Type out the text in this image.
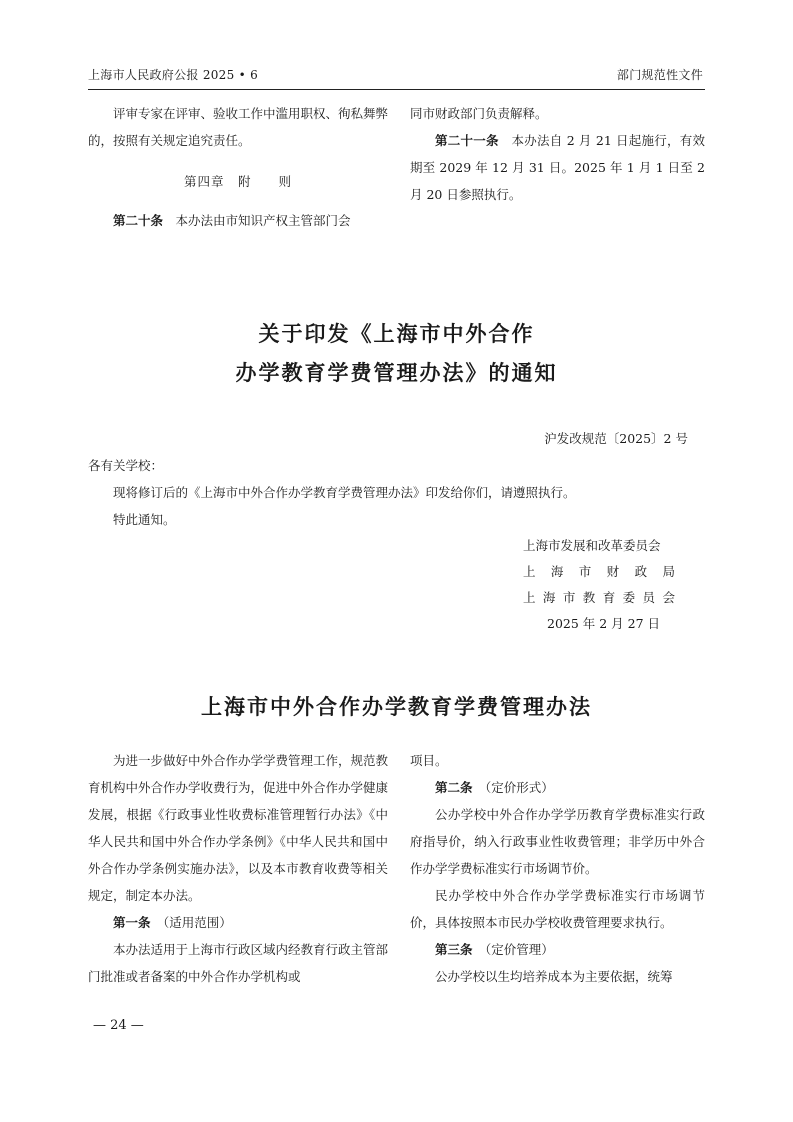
上海市人民政府公报 2025 • 6	部门规范性文件

评审专家在评审、验收工作中滥用职权、徇私舞弊的，按照有关规定追究责任。

第四章　附　　则

第二十条　本办法由市知识产权主管部门会

同市财政部门负责解释。

第二十一条　本办法自 2 月 21 日起施行，有效期至 2029 年 12 月 31 日。2025 年 1 月 1 日至 2 月 20 日参照执行。

关于印发《上海市中外合作
办学教育学费管理办法》的通知
沪发改规范〔2025〕2 号
各有关学校：
现将修订后的《上海市中外合作办学教育学费管理办法》印发给你们，请遵照执行。
特此通知。
上海市发展和改革委员会
上 海 市 财 政 局
上 海 市 教 育 委 员 会
2025 年 2 月 27 日
上海市中外合作办学教育学费管理办法

为进一步做好中外合作办学学费管理工作，规范教育机构中外合作办学收费行为，促进中外合作办学健康发展，根据《行政事业性收费标准管理暂行办法》《中华人民共和国中外合作办学条例》《中华人民共和国中外合作办学条例实施办法》，以及本市教育收费等相关规定，制定本办法。

第一条　 （适用范围）

本办法适用于上海市行政区域内经教育行政主管部门批准或者备案的中外合作办学机构或

项目。

第二条　 （定价形式）

公办学校中外合作办学学历教育学费标准实行政府指导价，纳入行政事业性收费管理；非学历中外合作办学学费标准实行市场调节价。

民办学校中外合作办学学费标准实行市场调节价，具体按照本市民办学校收费管理要求执行。

第三条　 （定价管理）

公办学校以生均培养成本为主要依据，统筹

— 24 —
